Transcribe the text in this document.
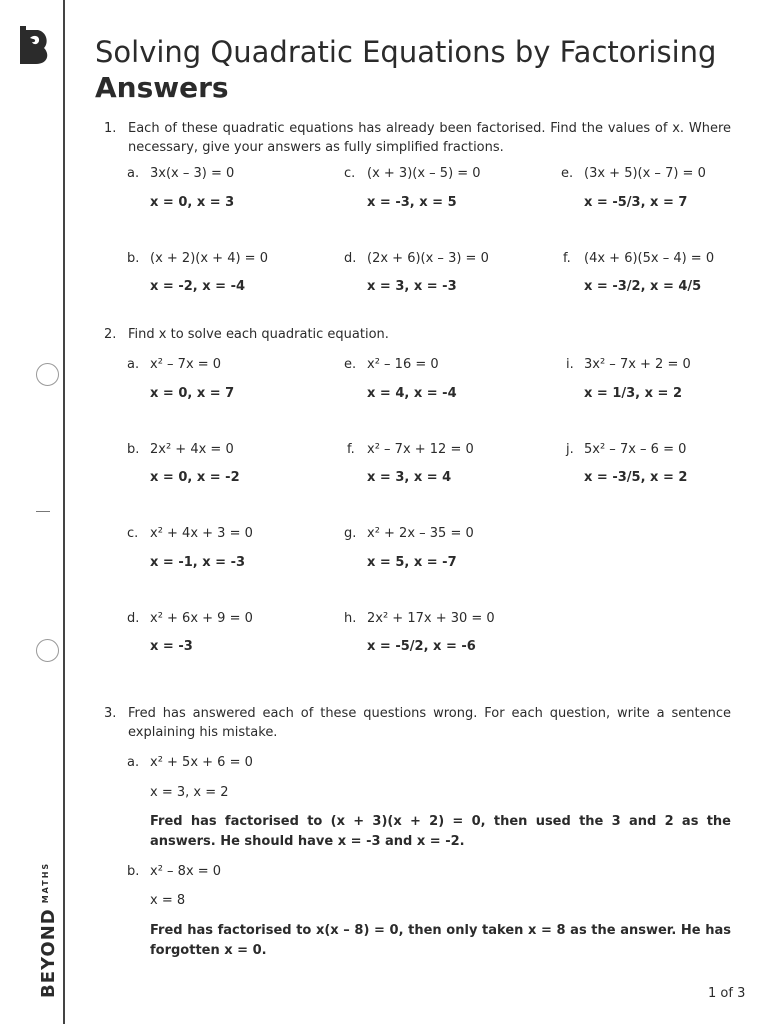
$BEYOND^{MATHS}$
Solving Quadratic Equations by Factorising
Answers
1. Each of these quadratic equations has already been factorised. Find the values of x. Where necessary, give your answers as fully simplified fractions.
a. 3x(x – 3) = 0
x = 0, x = 3
b. (x + 2)(x + 4) = 0
x = -2, x = -4
c. (x + 3)(x – 5) = 0
x = -3, x = 5
d. (2x + 6)(x – 3) = 0
x = 3, x = -3
e. (3x + 5)(x – 7) = 0
x = -5/3, x = 7
f. (4x + 6)(5x – 4) = 0
x = -3/2, x = 4/5
2. Find x to solve each quadratic equation.
a. x² – 7x = 0
x = 0, x = 7
b. 2x² + 4x = 0
x = 0, x = -2
c. x² + 4x + 3 = 0
x = -1, x = -3
d. x² + 6x + 9 = 0
x = -3
e. x² – 16 = 0
x = 4, x = -4
f. x² – 7x + 12 = 0
x = 3, x = 4
g. x² + 2x – 35 = 0
x = 5, x = -7
h. 2x² + 17x + 30 = 0
x = -5/2, x = -6
i. 3x² – 7x + 2 = 0
x = 1/3, x = 2
j. 5x² – 7x – 6 = 0
x = -3/5, x = 2
3. Fred has answered each of these questions wrong. For each question, write a sentence explaining his mistake.
a. x² + 5x + 6 = 0
x = 3, x = 2
Fred has factorised to (x + 3)(x + 2) = 0, then used the 3 and 2 as the answers. He should have x = -3 and x = -2.
b. x² – 8x = 0
x = 8
Fred has factorised to x(x – 8) = 0, then only taken x = 8 as the answer. He has forgotten x = 0.
1 of 3
